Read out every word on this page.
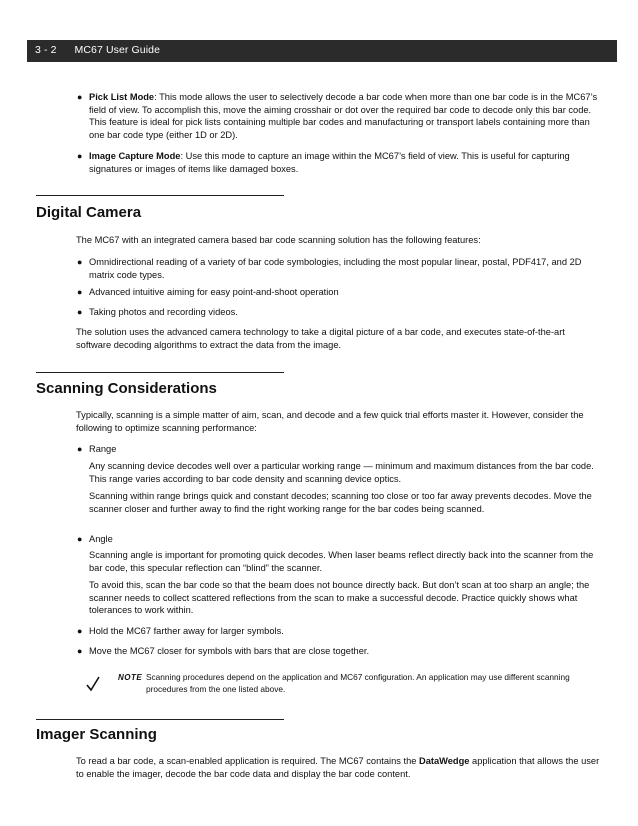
3 - 2 MC67 User Guide
● Pick List Mode: This mode allows the user to selectively decode a bar code when more than one bar code is in the MC67’s field of view. To accomplish this, move the aiming crosshair or dot over the required bar code to decode only this bar code. This feature is ideal for pick lists containing multiple bar codes and manufacturing or transport labels containing more than one bar code type (either 1D or 2D).
● Image Capture Mode: Use this mode to capture an image within the MC67’s field of view. This is useful for capturing signatures or images of items like damaged boxes.
Digital Camera
The MC67 with an integrated camera based bar code scanning solution has the following features:
● Omnidirectional reading of a variety of bar code symbologies, including the most popular linear, postal, PDF417, and 2D matrix code types.
● Advanced intuitive aiming for easy point-and-shoot operation
● Taking photos and recording videos.
The solution uses the advanced camera technology to take a digital picture of a bar code, and executes state-of-the-art software decoding algorithms to extract the data from the image.
Scanning Considerations
Typically, scanning is a simple matter of aim, scan, and decode and a few quick trial efforts master it. However, consider the following to optimize scanning performance:
● Range
Any scanning device decodes well over a particular working range — minimum and maximum distances from the bar code. This range varies according to bar code density and scanning device optics.
Scanning within range brings quick and constant decodes; scanning too close or too far away prevents decodes. Move the scanner closer and further away to find the right working range for the bar codes being scanned.
● Angle
Scanning angle is important for promoting quick decodes. When laser beams reflect directly back into the scanner from the bar code, this specular reflection can “blind” the scanner.
To avoid this, scan the bar code so that the beam does not bounce directly back. But don’t scan at too sharp an angle; the scanner needs to collect scattered reflections from the scan to make a successful decode. Practice quickly shows what tolerances to work within.
● Hold the MC67 farther away for larger symbols.
● Move the MC67 closer for symbols with bars that are close together.
NOTE Scanning procedures depend on the application and MC67 configuration. An application may use different scanning procedures from the one listed above.
Imager Scanning
To read a bar code, a scan-enabled application is required. The MC67 contains the DataWedge application that allows the user to enable the imager, decode the bar code data and display the bar code content.
